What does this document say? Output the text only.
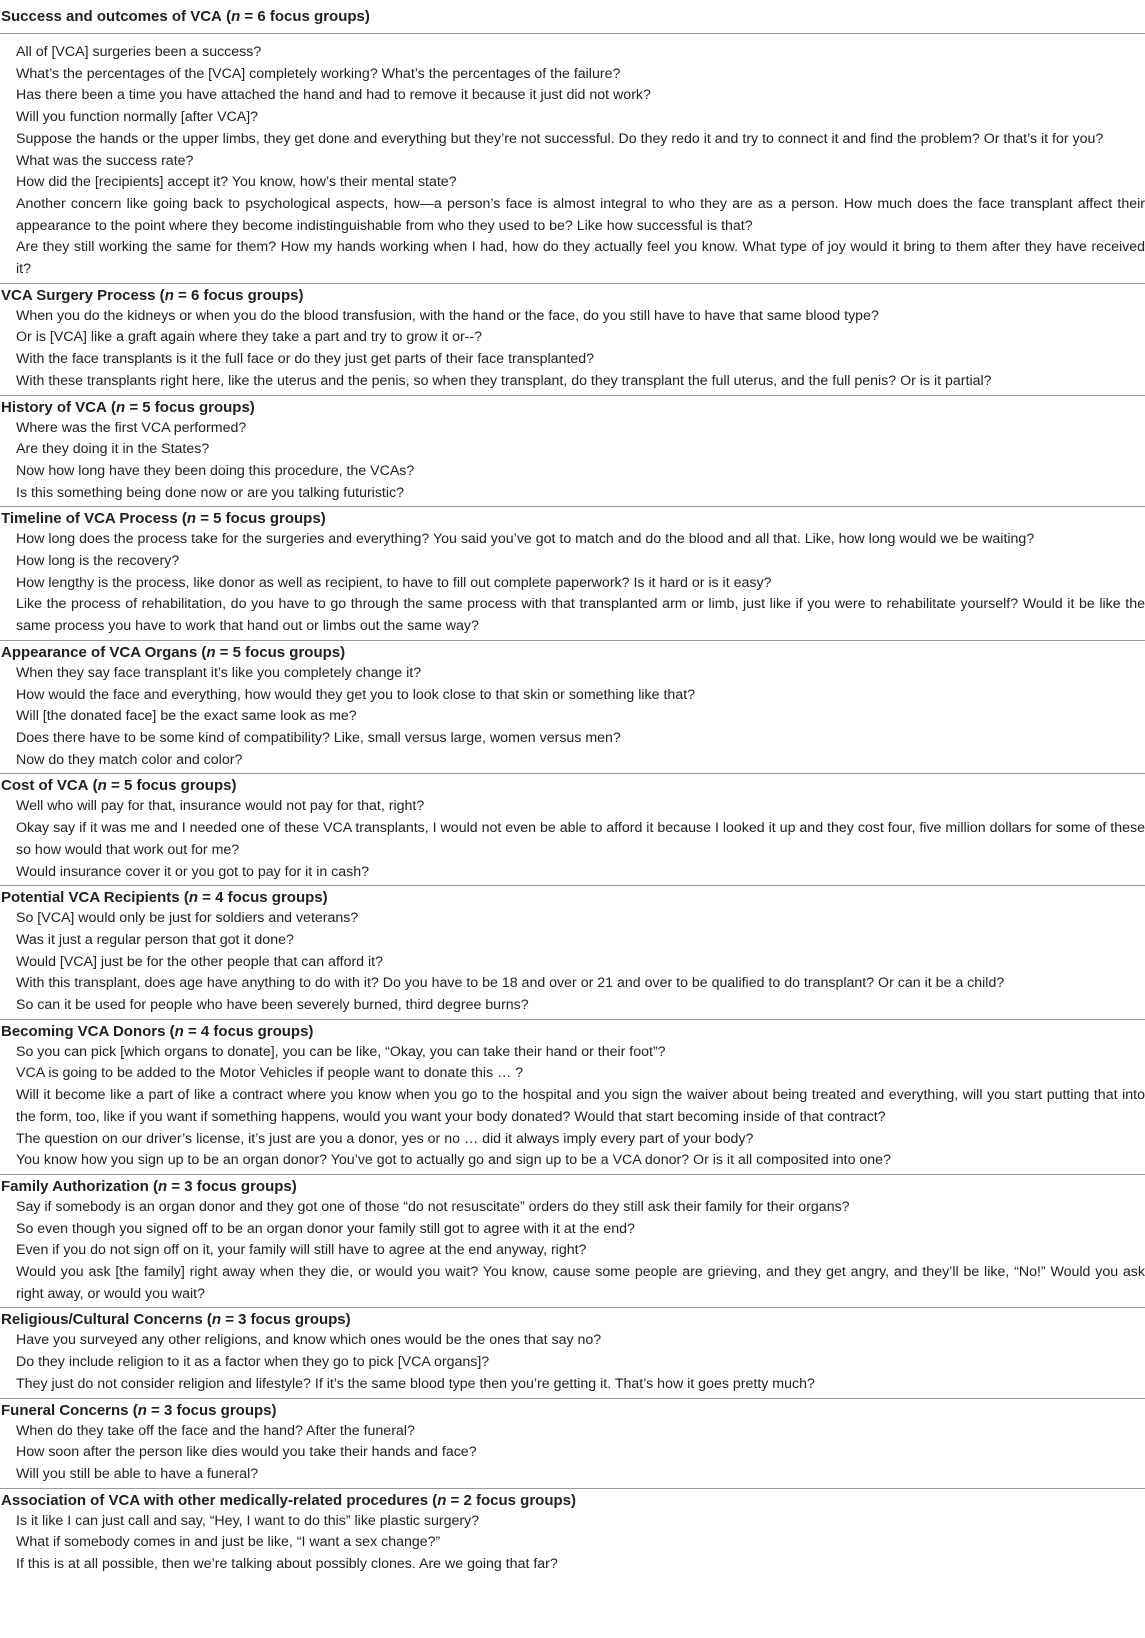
Success and outcomes of VCA ( n = 6 focus groups )

All of [VCA] surgeries been a success?

What’s the percentages of the [VCA] completely working? What’s the percentages of the failure?

Has there been a time you have attached the hand and had to remove it because it just did not work?

Will you function normally [after VCA]?

Suppose the hands or the upper limbs, they get done and everything but they’re not successful. Do they redo it and try to connect it and find the problem? Or that’s it for you?

What was the success rate?

How did the [recipients] accept it? You know, how’s their mental state?

Another concern like going back to psychological aspects, how—a person’s face is almost integral to who they are as a person. How much does the face transplant affect their appearance to the point where they become indistinguishable from who they used to be? Like how successful is that?

Are they still working the same for them? How my hands working when I had, how do they actually feel you know. What type of joy would it bring to them after they have received it?

VCA Surgery Process ( n = 6 focus groups )

When you do the kidneys or when you do the blood transfusion, with the hand or the face, do you still have to have that same blood type?

Or is [VCA] like a graft again where they take a part and try to grow it or--?

With the face transplants is it the full face or do they just get parts of their face transplanted?

With these transplants right here, like the uterus and the penis, so when they transplant, do they transplant the full uterus, and the full penis? Or is it partial?

History of VCA ( n = 5 focus groups )

Where was the first VCA performed?

Are they doing it in the States?

Now how long have they been doing this procedure, the VCAs?

Is this something being done now or are you talking futuristic?

Timeline of VCA Process ( n = 5 focus groups )

How long does the process take for the surgeries and everything? You said you’ve got to match and do the blood and all that. Like, how long would we be waiting?

How long is the recovery?

How lengthy is the process, like donor as well as recipient, to have to fill out complete paperwork? Is it hard or is it easy?

Like the process of rehabilitation, do you have to go through the same process with that transplanted arm or limb, just like if you were to rehabilitate yourself? Would it be like the same process you have to work that hand out or limbs out the same way?

Appearance of VCA Organs ( n = 5 focus groups )

When they say face transplant it’s like you completely change it?

How would the face and everything, how would they get you to look close to that skin or something like that?

Will [the donated face] be the exact same look as me?

Does there have to be some kind of compatibility? Like, small versus large, women versus men?

Now do they match color and color?

Cost of VCA ( n = 5 focus groups )

Well who will pay for that, insurance would not pay for that, right?

Okay say if it was me and I needed one of these VCA transplants, I would not even be able to afford it because I looked it up and they cost four, five million dollars for some of these so how would that work out for me?

Would insurance cover it or you got to pay for it in cash?

Potential VCA Recipients ( n = 4 focus groups )

So [VCA] would only be just for soldiers and veterans?

Was it just a regular person that got it done?

Would [VCA] just be for the other people that can afford it?

With this transplant, does age have anything to do with it? Do you have to be 18 and over or 21 and over to be qualified to do transplant? Or can it be a child?

So can it be used for people who have been severely burned, third degree burns?

Becoming VCA Donors ( n = 4 focus groups )

So you can pick [which organs to donate], you can be like, “Okay, you can take their hand or their foot”?

VCA is going to be added to the Motor Vehicles if people want to donate this … ?

Will it become like a part of like a contract where you know when you go to the hospital and you sign the waiver about being treated and everything, will you start putting that into the form, too, like if you want if something happens, would you want your body donated? Would that start becoming inside of that contract?

The question on our driver’s license, it’s just are you a donor, yes or no … did it always imply every part of your body?

You know how you sign up to be an organ donor? You’ve got to actually go and sign up to be a VCA donor? Or is it all composited into one?

Family Authorization ( n = 3 focus groups )

Say if somebody is an organ donor and they got one of those “do not resuscitate” orders do they still ask their family for their organs?

So even though you signed off to be an organ donor your family still got to agree with it at the end?

Even if you do not sign off on it, your family will still have to agree at the end anyway, right?

Would you ask [the family] right away when they die, or would you wait? You know, cause some people are grieving, and they get angry, and they’ll be like, “No!” Would you ask right away, or would you wait?

Religious/Cultural Concerns ( n = 3 focus groups )

Have you surveyed any other religions, and know which ones would be the ones that say no?

Do they include religion to it as a factor when they go to pick [VCA organs]?

They just do not consider religion and lifestyle? If it’s the same blood type then you’re getting it. That’s how it goes pretty much?

Funeral Concerns ( n = 3 focus groups )

When do they take off the face and the hand? After the funeral?

How soon after the person like dies would you take their hands and face?

Will you still be able to have a funeral?

Association of VCA with other medically-related procedures ( n = 2 focus groups )

Is it like I can just call and say, “Hey, I want to do this” like plastic surgery?

What if somebody comes in and just be like, “I want a sex change?”

If this is at all possible, then we’re talking about possibly clones. Are we going that far?
